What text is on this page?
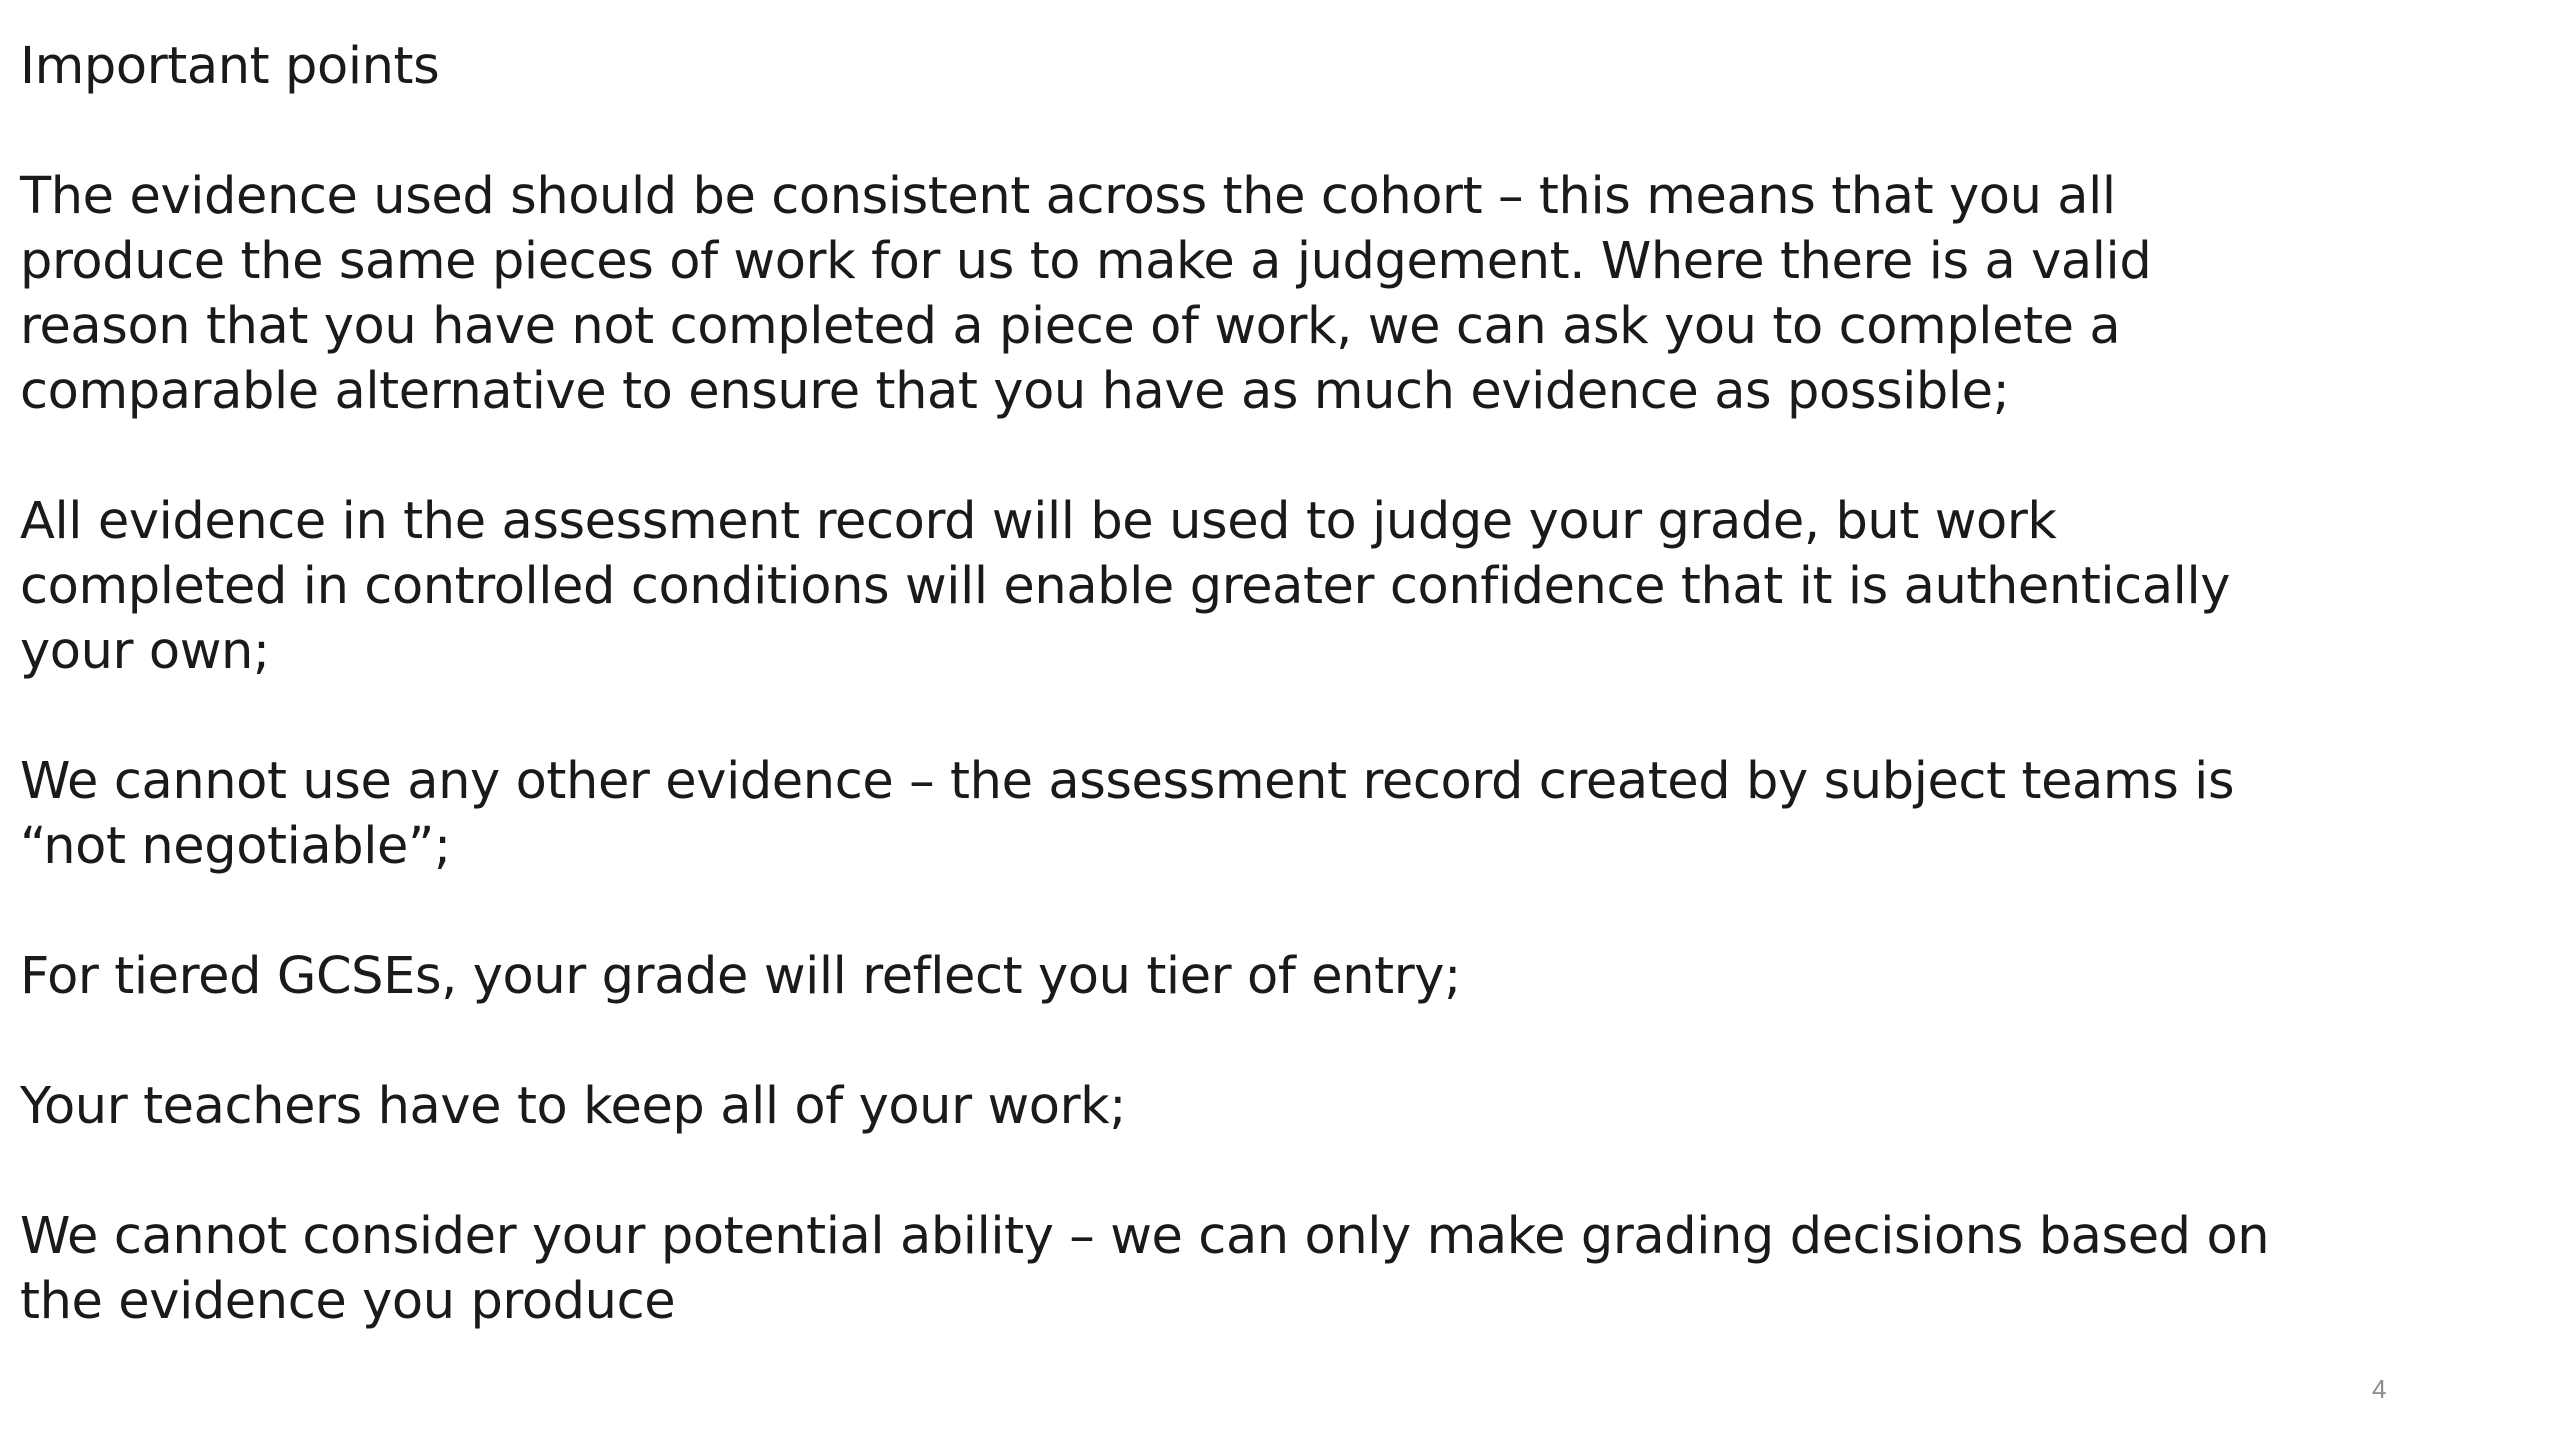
Important points
The evidence used should be consistent across the cohort – this means that you all
produce the same pieces of work for us to make a judgement. Where there is a valid
reason that you have not completed a piece of work, we can ask you to complete a
comparable alternative to ensure that you have as much evidence as possible;
All evidence in the assessment record will be used to judge your grade, but work
completed in controlled conditions will enable greater confidence that it is authentically
your own;
We cannot use any other evidence – the assessment record created by subject teams is
“not negotiable”;
For tiered GCSEs, your grade will reflect you tier of entry;
Your teachers have to keep all of your work;
We cannot consider your potential ability – we can only make grading decisions based on
the evidence you produce
4
